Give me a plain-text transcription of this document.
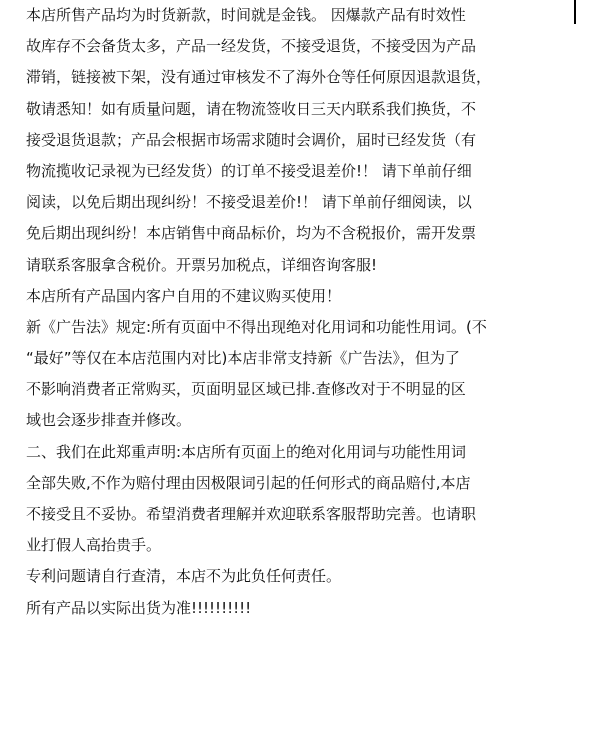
本店所售产品均为时货新款，时间就是金钱。 因爆款产品有时效性
故库存不会备货太多，产品一经发货，不接受退货，不接受因为产品
滞销，链接被下架，没有通过审核发不了海外仓等任何原因退款退货，
敬请悉知！如有质量问题，请在物流签收日三天内联系我们换货，不
接受退货退款；产品会根据市场需求随时会调价，届时已经发货（有
物流揽收记录视为已经发货）的订单不接受退差价!！ 请下单前仔细
阅读，以免后期出现纠纷！不接受退差价!！ 请下单前仔细阅读，以
免后期出现纠纷！本店销售中商品标价，均为不含税报价，需开发票
请联系客服拿含税价。开票另加税点，详细咨询客服!
本店所有产品国内客户自用的不建议购买使用！
新《广告法》规定:所有页面中不得出现绝对化用词和功能性用词。(不
“最好”等仅在本店范围内对比)本店非常支持新《广告法》，但为了
不影响消费者正常购买，页面明显区域已排.查修改对于不明显的区
域也会逐步排查并修改。
二、我们在此郑重声明:本店所有页面上的绝对化用词与功能性用词
全部失败,不作为赔付理由因极限词引起的任何形式的商品赔付,本店
不接受且不妥协。希望消费者理解并欢迎联系客服帮助完善。也请职
业打假人高抬贵手。
专利问题请自行查清，本店不为此负任何责任。
所有产品以实际出货为准!!!!!!!!!!
